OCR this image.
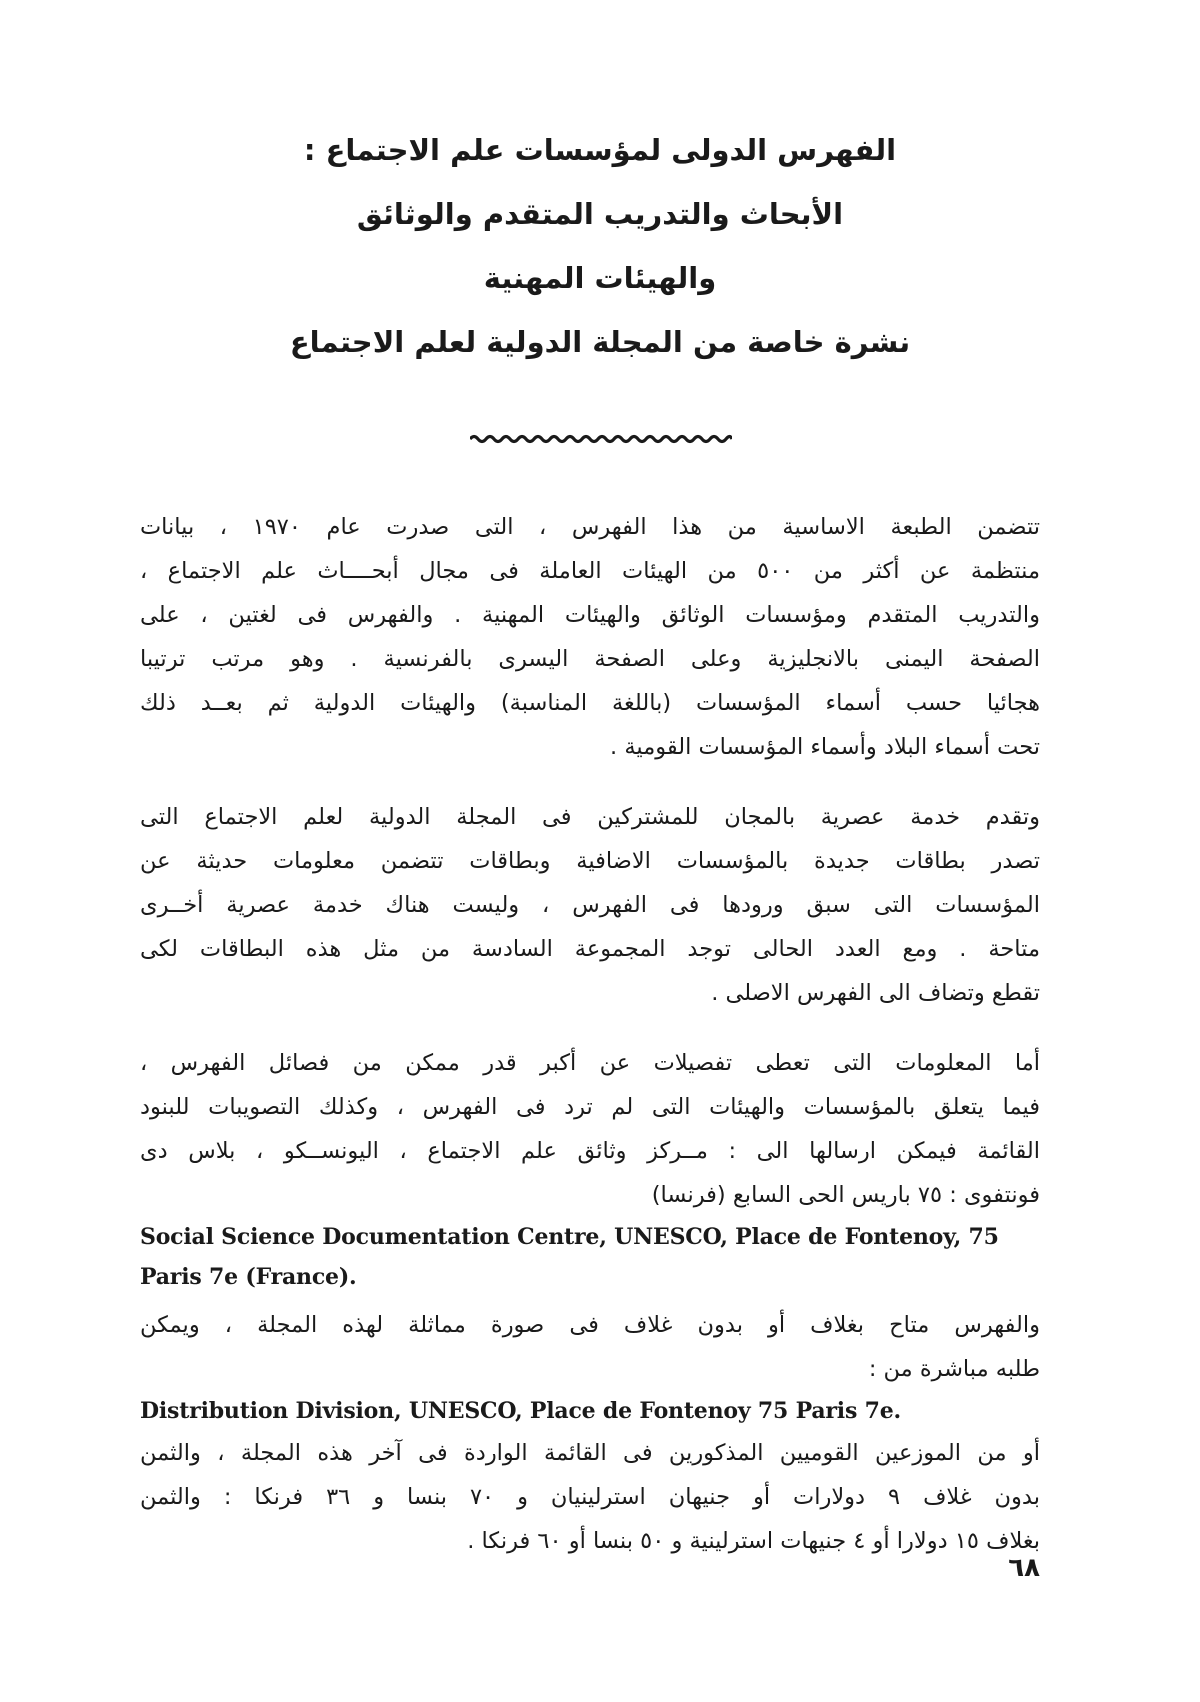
الفهرس الدولى لمؤسسات علم الاجتماع :
الأبحاث والتدريب المتقدم والوثائق
والهيئات المهنية
نشرة خاصة من المجلة الدولية لعلم الاجتماع
تتضمن الطبعة الاساسية من هذا الفهرس ، التى صدرت عام ١٩٧٠ ، بيانات
منتظمة عن أكثر من ٥٠٠ من الهيئات العاملة فى مجال أبحــــاث علم الاجتماع ،
والتدريب المتقدم ومؤسسات الوثائق والهيئات المهنية . والفهرس فى لغتين ، على
الصفحة اليمنى بالانجليزية وعلى الصفحة اليسرى بالفرنسية . وهو مرتب ترتيبا
هجائيا حسب أسماء المؤسسات (باللغة المناسبة) والهيئات الدولية ثم بعــد ذلك
تحت أسماء البلاد وأسماء المؤسسات القومية .
وتقدم خدمة عصرية بالمجان للمشتركين فى المجلة الدولية لعلم الاجتماع التى
تصدر بطاقات جديدة بالمؤسسات الاضافية وبطاقات تتضمن معلومات حديثة عن
المؤسسات التى سبق ورودها فى الفهرس ، وليست هناك خدمة عصرية أخــرى
متاحة . ومع العدد الحالى توجد المجموعة السادسة من مثل هذه البطاقات لكى
تقطع وتضاف الى الفهرس الاصلى .
أما المعلومات التى تعطى تفصيلات عن أكبر قدر ممكن من فصائل الفهرس ،
فيما يتعلق بالمؤسسات والهيئات التى لم ترد فى الفهرس ، وكذلك التصويبات للبنود
القائمة فيمكن ارسالها الى : مــركز وثائق علم الاجتماع ، اليونســكو ، بلاس دى
فونتفوى : ٧٥ باريس الحى السابع (فرنسا)
Social Science Documentation Centre, UNESCO, Place de Fontenoy, 75
Paris 7e (France).
والفهرس متاح بغلاف أو بدون غلاف فى صورة مماثلة لهذه المجلة ، ويمكن
طلبه مباشرة من :
Distribution Division, UNESCO, Place de Fontenoy 75 Paris 7e.
أو من الموزعين القوميين المذكورين فى القائمة الواردة فى آخر هذه المجلة ، والثمن
بدون غلاف ٩ دولارات أو جنيهان استرلينيان و ٧٠ بنسا و ٣٦ فرنكا : والثمن
بغلاف ١٥ دولارا أو ٤ جنيهات استرلينية و ٥٠ بنسا أو ٦٠ فرنكا .
٦٨
